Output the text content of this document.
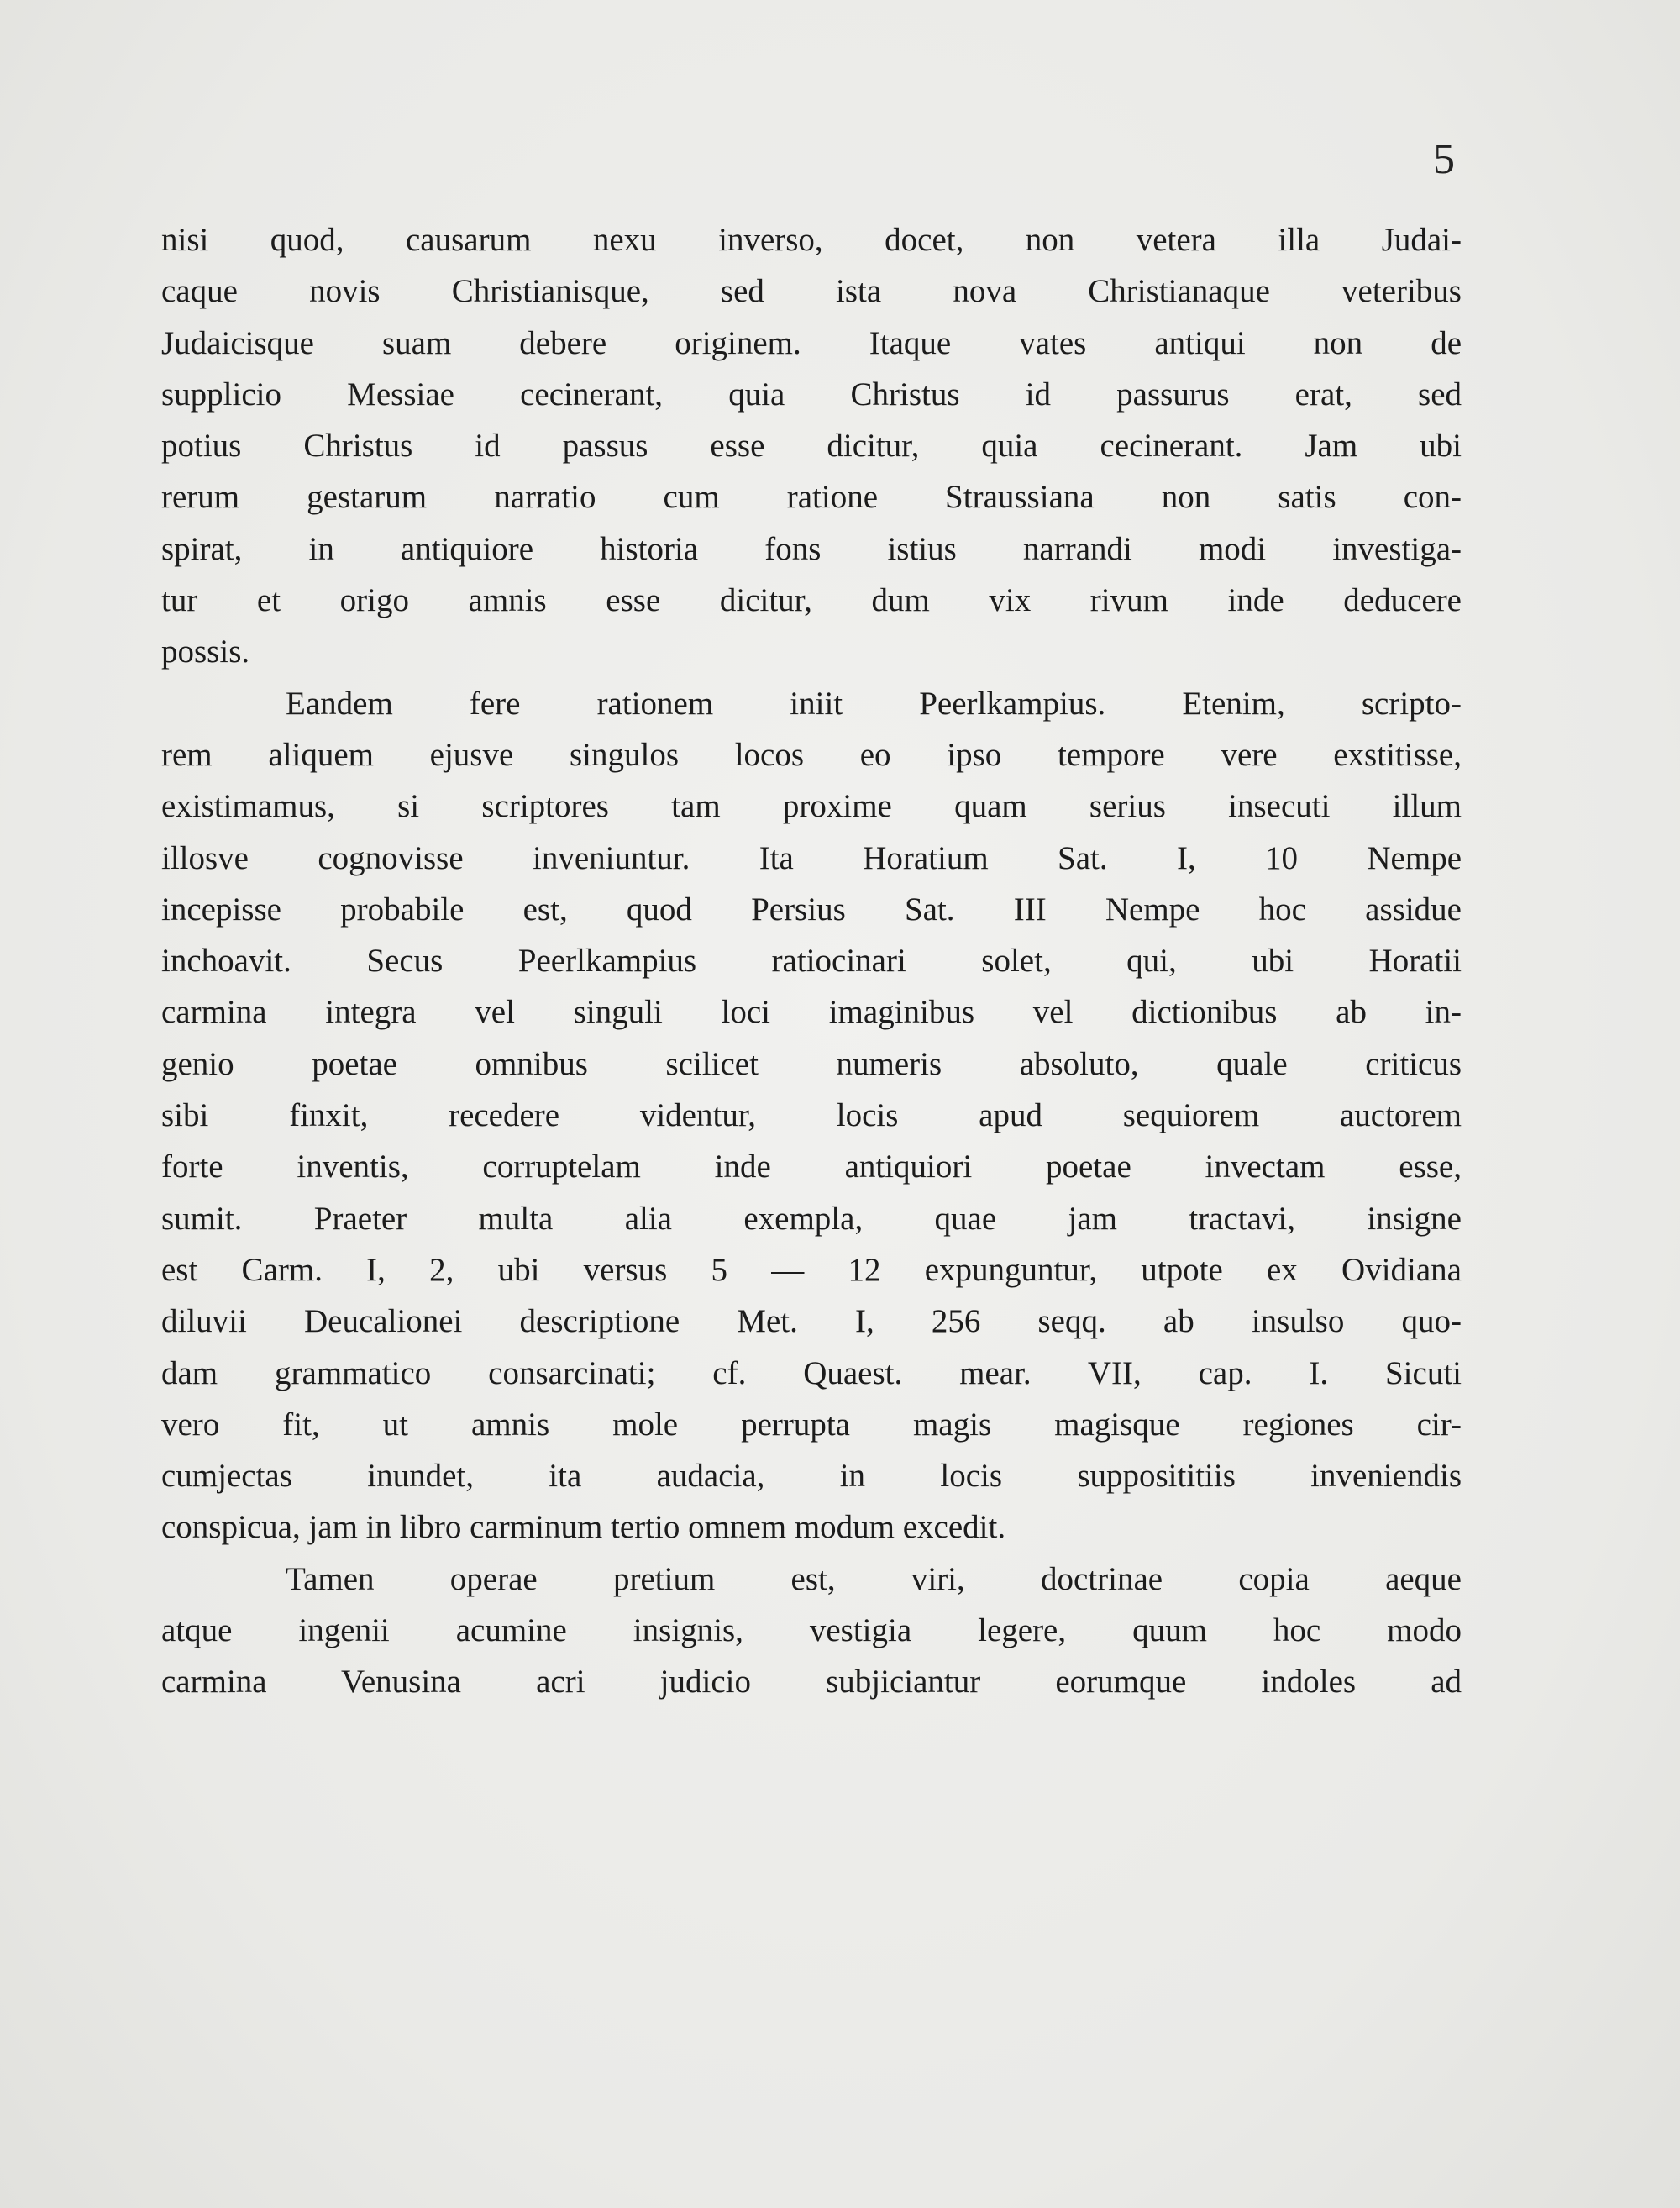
5
nisi quod, causarum nexu inverso, docet, non vetera illa Judai-
caque novis Christianisque, sed ista nova Christianaque veteribus
Judaicisque suam debere originem. Itaque vates antiqui non de
supplicio Messiae cecinerant, quia Christus id passurus erat, sed
potius Christus id passus esse dicitur, quia cecinerant. Jam ubi
rerum gestarum narratio cum ratione Straussiana non satis con-
spirat, in antiquiore historia fons istius narrandi modi investiga-
tur et origo amnis esse dicitur, dum vix rivum inde deducere
possis.
Eandem fere rationem iniit Peerlkampius. Etenim, scripto-
rem aliquem ejusve singulos locos eo ipso tempore vere exstitisse,
existimamus, si scriptores tam proxime quam serius insecuti illum
illosve cognovisse inveniuntur. Ita Horatium Sat. I, 10 Nempe
incepisse probabile est, quod Persius Sat. III Nempe hoc assidue
inchoavit. Secus Peerlkampius ratiocinari solet, qui, ubi Horatii
carmina integra vel singuli loci imaginibus vel dictionibus ab in-
genio poetae omnibus scilicet numeris absoluto, quale criticus
sibi finxit, recedere videntur, locis apud sequiorem auctorem
forte inventis, corruptelam inde antiquiori poetae invectam esse,
sumit. Praeter multa alia exempla, quae jam tractavi, insigne
est Carm. I, 2, ubi versus 5 — 12 expunguntur, utpote ex Ovidiana
diluvii Deucalionei descriptione Met. I, 256 seqq. ab insulso quo-
dam grammatico consarcinati; cf. Quaest. mear. VII, cap. I. Sicuti
vero fit, ut amnis mole perrupta magis magisque regiones cir-
cumjectas inundet, ita audacia, in locis supposititiis inveniendis
conspicua, jam in libro carminum tertio omnem modum excedit.
Tamen operae pretium est, viri, doctrinae copia aeque
atque ingenii acumine insignis, vestigia legere, quum hoc modo
carmina Venusina acri judicio subjiciantur eorumque indoles ad
